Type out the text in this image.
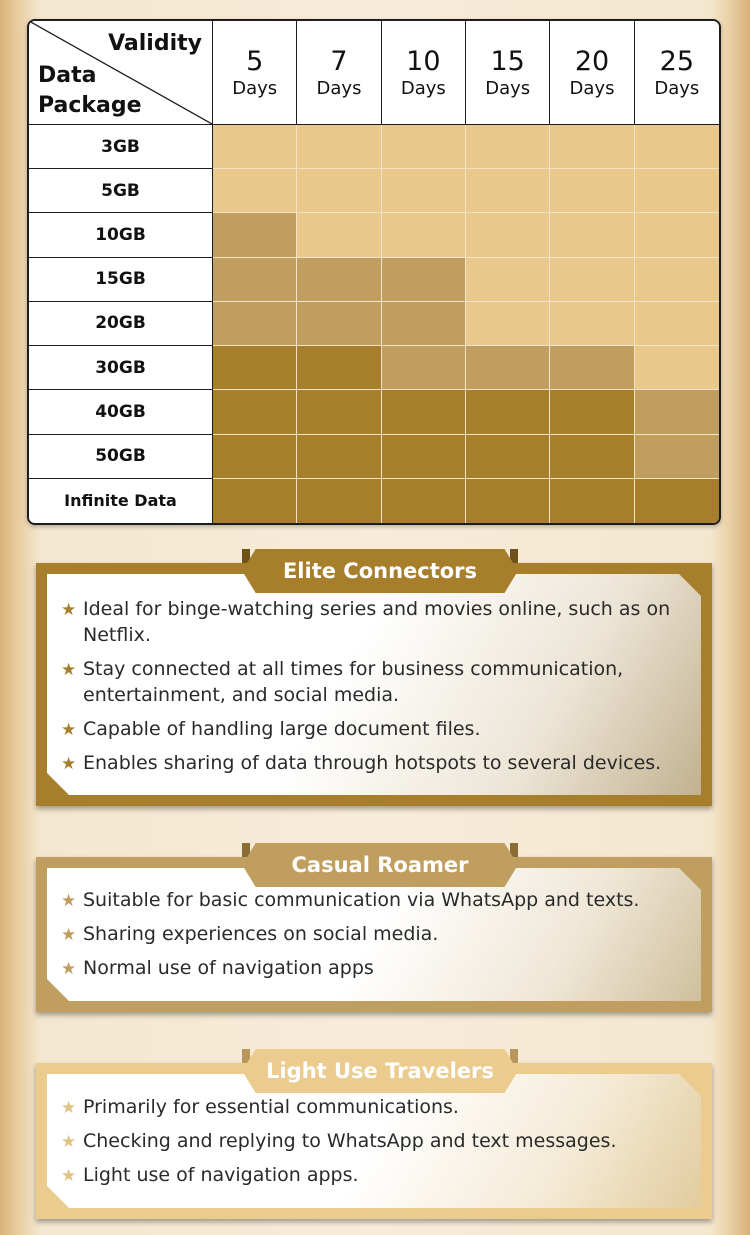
Validity
Data
Package
5
Days
7
Days
10
Days
15
Days
20
Days
25
Days
3GB
5GB
10GB
15GB
20GB
30GB
40GB
50GB
Infinite Data
Elite Connectors
★ Ideal for binge-watching series and movies online, such as on Netflix.
★ Stay connected at all times for business communication, entertainment, and social media.
★ Capable of handling large document files.
★ Enables sharing of data through hotspots to several devices.
Casual Roamer
★ Suitable for basic communication via WhatsApp and texts.
★ Sharing experiences on social media.
★ Normal use of navigation apps
Light Use Travelers
★ Primarily for essential communications.
★ Checking and replying to WhatsApp and text messages.
★ Light use of navigation apps.
